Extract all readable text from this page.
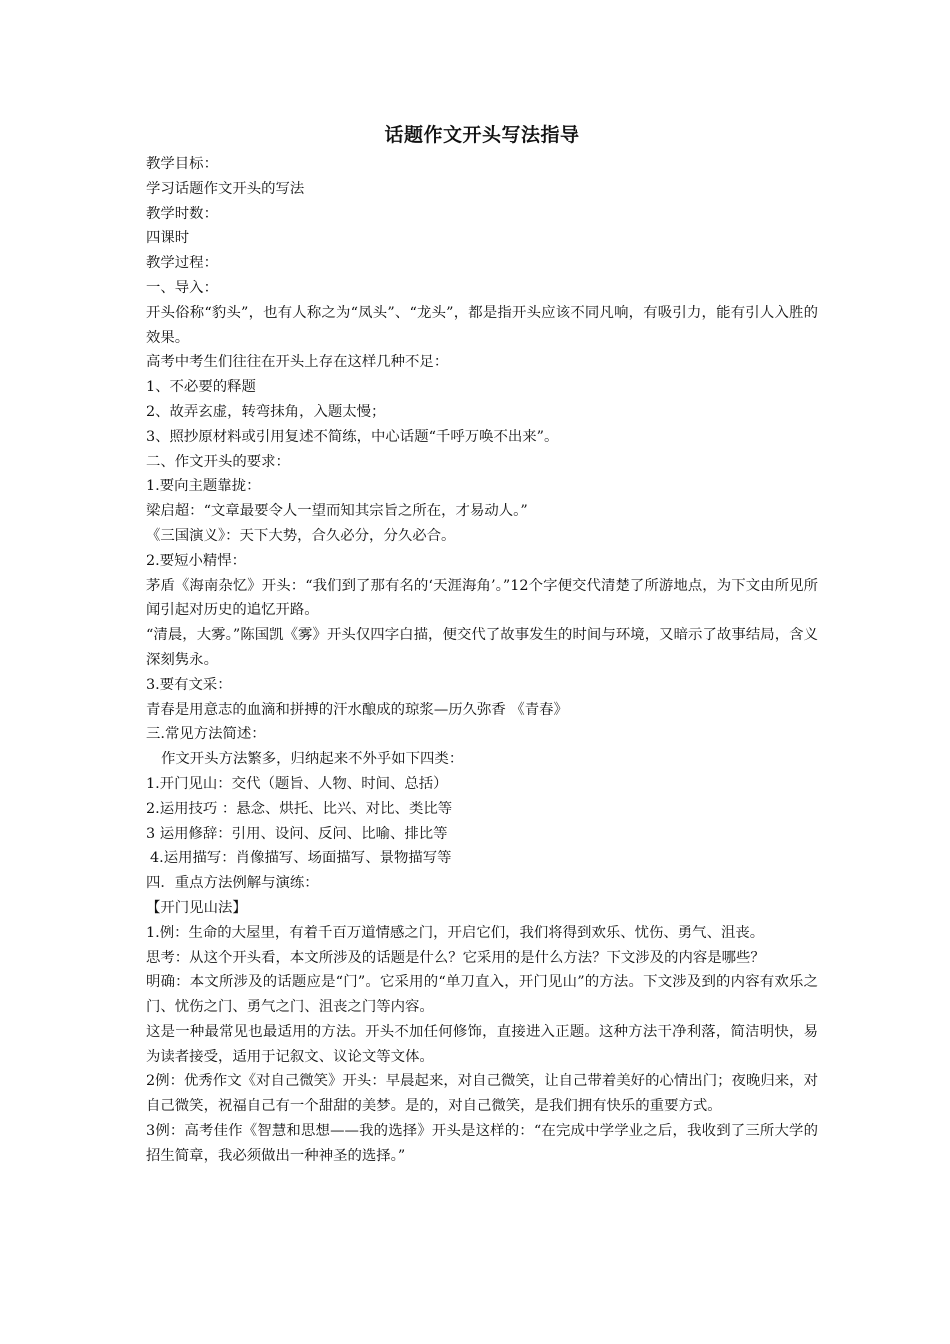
话题作文开头写法指导

教学目标：

学习话题作文开头的写法

教学时数：

四课时

教学过程：

一、导入：

开头俗称“豹头”，也有人称之为“凤头”、“龙头”，都是指开头应该不同凡响，有吸引力，能有引人入胜的效果。

高考中考生们往往在开头上存在这样几种不足：

1、不必要的释题

2、故弄玄虚，转弯抹角，入题太慢；

3、照抄原材料或引用复述不简练，中心话题“千呼万唤不出来”。

二、作文开头的要求：

1.要向主题靠拢：

梁启超：“文章最要令人一望而知其宗旨之所在，才易动人。”

《三国演义》：天下大势，合久必分，分久必合。

2.要短小精悍：

茅盾《海南杂忆》开头：“我们到了那有名的‘天涯海角’。”12个字便交代清楚了所游地点，为下文由所见所闻引起对历史的追忆开路。

“清晨，大雾。”陈国凯《雾》开头仅四字白描，便交代了故事发生的时间与环境，又暗示了故事结局，含义深刻隽永。

3.要有文采：

青春是用意志的血滴和拼搏的汗水酿成的琼浆—历久弥香 《青春》

三.常见方法简述：

作文开头方法繁多，归纳起来不外乎如下四类：

1.开门见山：交代（题旨、人物、时间、总括）

2.运用技巧 ：悬念、烘托、比兴、对比、类比等

3 运用修辞：引用、设问、反问、比喻、排比等

4.运用描写：肖像描写、场面描写、景物描写等

四．重点方法例解与演练：

【开门见山法】

1.例：生命的大屋里，有着千百万道情感之门，开启它们，我们将得到欢乐、忧伤、勇气、沮丧。

思考：从这个开头看，本文所涉及的话题是什么？它采用的是什么方法？下文涉及的内容是哪些？

明确：本文所涉及的话题应是“门”。它采用的“单刀直入，开门见山”的方法。下文涉及到的内容有欢乐之门、忧伤之门、勇气之门、沮丧之门等内容。

这是一种最常见也最适用的方法。开头不加任何修饰，直接进入正题。这种方法干净利落，简洁明快，易为读者接受，适用于记叙文、议论文等文体。

2例：优秀作文《对自己微笑》开头：早晨起来，对自己微笑，让自己带着美好的心情出门；夜晚归来，对自己微笑，祝福自己有一个甜甜的美梦。是的，对自己微笑，是我们拥有快乐的重要方式。

3例：高考佳作《智慧和思想——我的选择》开头是这样的：“在完成中学学业之后，我收到了三所大学的招生简章，我必须做出一种神圣的选择。”
